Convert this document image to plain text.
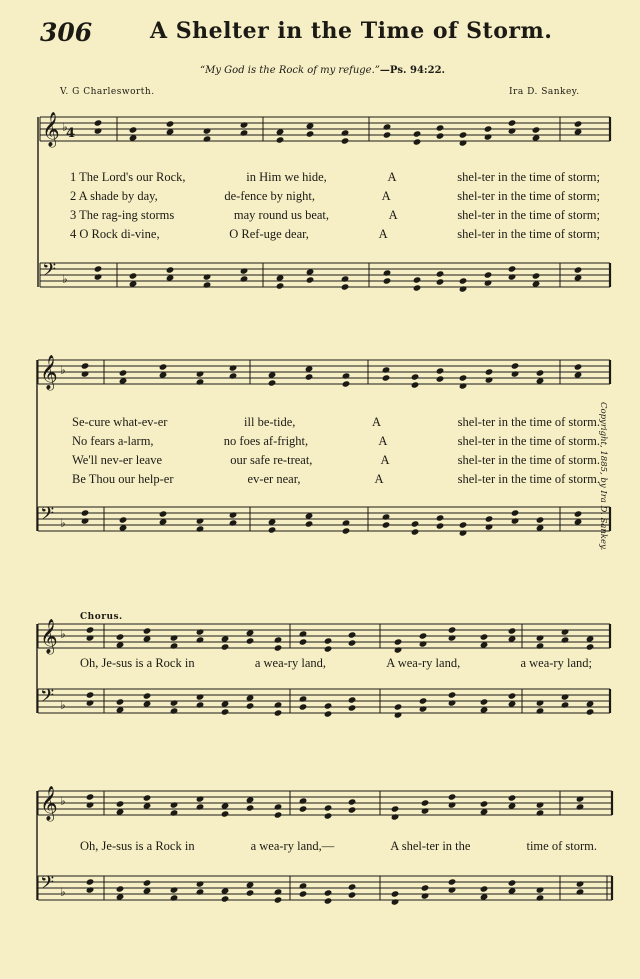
306	A Shelter in the Time of Storm.
“My God is the Rock of my refuge.”—Ps. 94:22.
V. G Charlesworth.	Ira D. Sankey.
Copyright, 1885, by Ira D. Sankey.
Chorus.
𝄞 ♭
𝄢 ♭
4
𝄞 ♭
𝄢 ♭
𝄞 ♭
𝄢 ♭
𝄞 ♭
𝄢 ♭
1 The Lord's our Rock,	in Him we hide,	A	shel-ter in the time of storm;
2 A shade by day,	de-fence by night,	A	shel-ter in the time of storm;
3 The rag-ing storms	may round us beat,	A	shel-ter in the time of storm;
4 O Rock di-vine,	O Ref-uge dear,	A	shel-ter in the time of storm;
Se-cure what-ev-er	ill be-tide,	A	shel-ter in the time of storm.
No fears a-larm,	no foes af-fright,	A	shel-ter in the time of storm.
We'll nev-er leave	our safe re-treat,	A	shel-ter in the time of storm.
Be Thou our help-er	ev-er near,	A	shel-ter in the time of storm.
Oh, Je-sus is a Rock in	a wea-ry land,	A wea-ry land,	a wea-ry land;
Oh, Je-sus is a Rock in	a wea-ry land,—	A shel-ter in the	time of storm.
